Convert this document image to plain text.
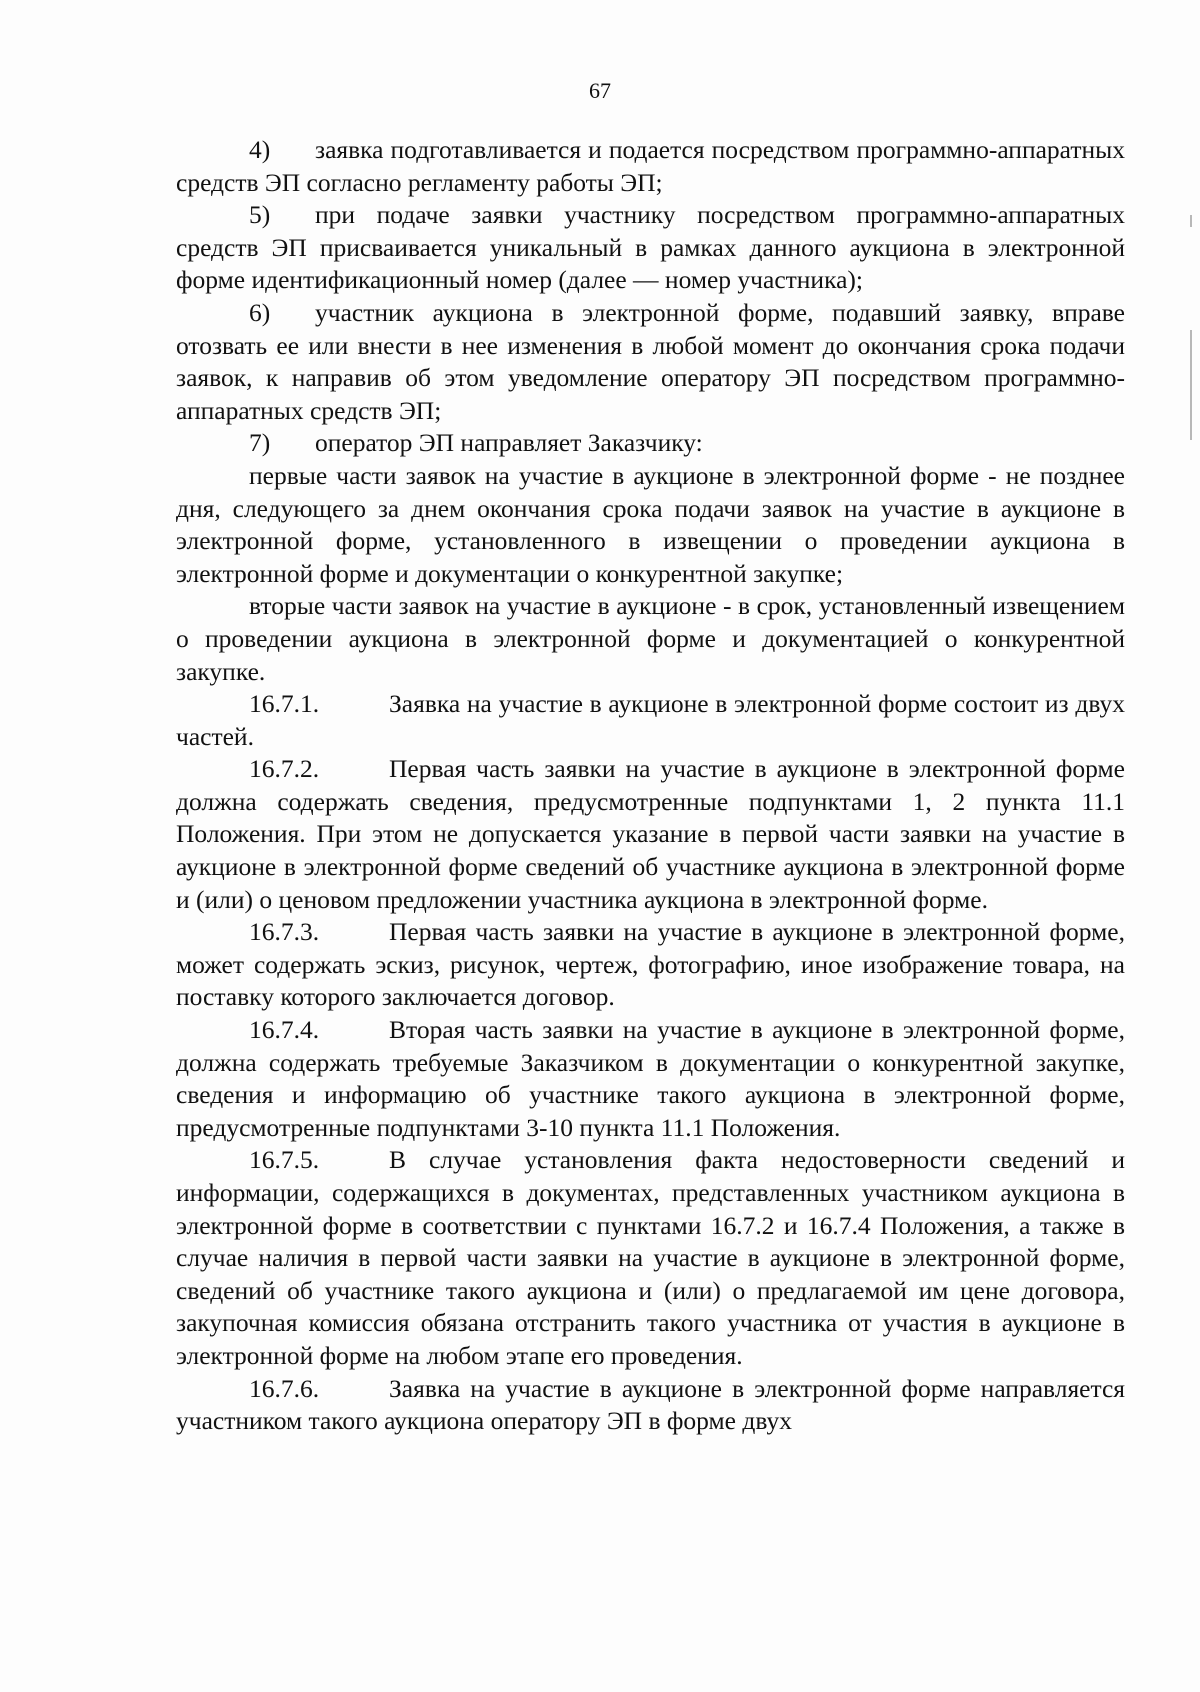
67

4) заявка подготавливается и подается посредством программно-аппаратных средств ЭП согласно регламенту работы ЭП;

5) при подаче заявки участнику посредством программно-аппаратных средств ЭП присваивается уникальный в рамках данного аукциона в электронной форме идентификационный номер (далее — номер участника);

6) участник аукциона в электронной форме, подавший заявку, вправе отозвать ее или внести в нее изменения в любой момент до окончания срока подачи заявок, к направив об этом уведомление оператору ЭП посредством программно-аппаратных средств ЭП;

7) оператор ЭП направляет Заказчику:

первые части заявок на участие в аукционе в электронной форме - не позднее дня, следующего за днем окончания срока подачи заявок на участие в аукционе в электронной форме, установленного в извещении о проведении аукциона в электронной форме и документации о конкурентной закупке;

вторые части заявок на участие в аукционе - в срок, установленный извещением о проведении аукциона в электронной форме и документацией о конкурентной закупке.

16.7.1.	Заявка на участие в аукционе в электронной форме состоит из двух частей.

16.7.2.	Первая часть заявки на участие в аукционе в электронной форме должна содержать сведения, предусмотренные подпунктами 1, 2 пункта 11.1 Положения. При этом не допускается указание в первой части заявки на участие в аукционе в электронной форме сведений об участнике аукциона в электронной форме и (или) о ценовом предложении участника аукциона в электронной форме.

16.7.3.	Первая часть заявки на участие в аукционе в электронной форме, может содержать эскиз, рисунок, чертеж, фотографию, иное изображение товара, на поставку которого заключается договор.

16.7.4.	Вторая часть заявки на участие в аукционе в электронной форме, должна содержать требуемые Заказчиком в документации о конкурентной закупке, сведения и информацию об участнике такого аукциона в электронной форме, предусмотренные подпунктами 3-10 пункта 11.1 Положения.

16.7.5.	В случае установления факта недостоверности сведений и информации, содержащихся в документах, представленных участником аукциона в электронной форме в соответствии с пунктами 16.7.2 и 16.7.4 Положения, а также в случае наличия в первой части заявки на участие в аукционе в электронной форме, сведений об участнике такого аукциона и (или) о предлагаемой им цене договора, закупочная комиссия обязана отстранить такого участника от участия в аукционе в электронной форме на любом этапе его проведения.

16.7.6.	Заявка на участие в аукционе в электронной форме направляется участником такого аукциона оператору ЭП в форме двух
